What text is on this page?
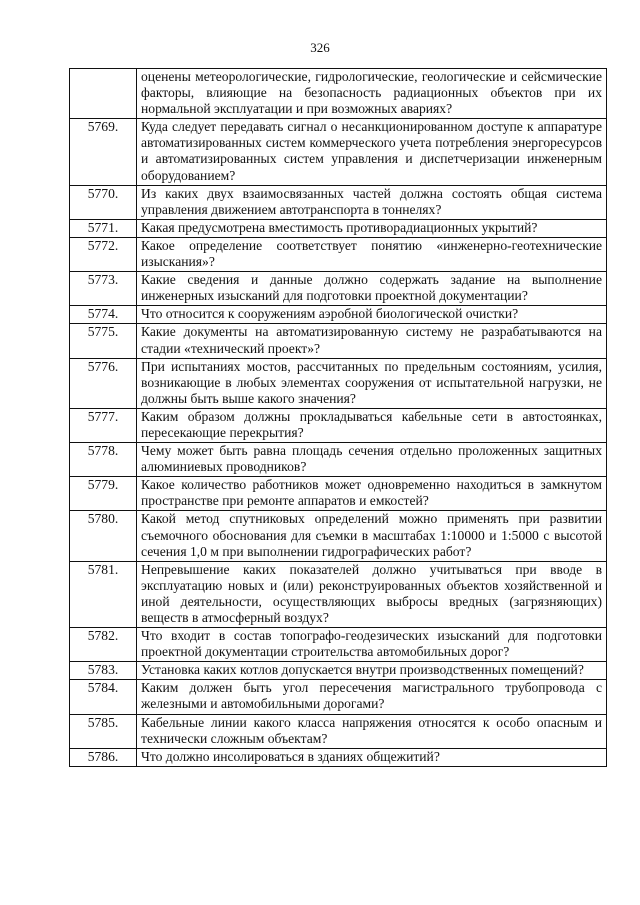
326
	оценены метеорологические, гидрологические, геологические и сейсмические факторы, влияющие на безопасность радиационных объектов при их нормальной эксплуатации и при возможных авариях?
5769.	Куда следует передавать сигнал о несанкционированном доступе к аппаратуре автоматизированных систем коммерческого учета потребления энергоресурсов и автоматизированных систем управления и диспетчеризации инженерным оборудованием?
5770.	Из каких двух взаимосвязанных частей должна состоять общая система управления движением автотранспорта в тоннелях?
5771.	Какая предусмотрена вместимость противорадиационных укрытий?
5772.	Какое определение соответствует понятию «инженерно-геотехнические изыскания»?
5773.	Какие сведения и данные должно содержать задание на выполнение инженерных изысканий для подготовки проектной документации?
5774.	Что относится к сооружениям аэробной биологической очистки?
5775.	Какие документы на автоматизированную систему не разрабатываются на стадии «технический проект»?
5776.	При испытаниях мостов, рассчитанных по предельным состояниям, усилия, возникающие в любых элементах сооружения от испытательной нагрузки, не должны быть выше какого значения?
5777.	Каким образом должны прокладываться кабельные сети в автостоянках, пересекающие перекрытия?
5778.	Чему может быть равна площадь сечения отдельно проложенных защитных алюминиевых проводников?
5779.	Какое количество работников может одновременно находиться в замкнутом пространстве при ремонте аппаратов и емкостей?
5780.	Какой метод спутниковых определений можно применять при развитии съемочного обоснования для съемки в масштабах 1:10000 и 1:5000 с высотой сечения 1,0 м при выполнении гидрографических работ?
5781.	Непревышение каких показателей должно учитываться при вводе в эксплуатацию новых и (или) реконструированных объектов хозяйственной и иной деятельности, осуществляющих выбросы вредных (загрязняющих) веществ в атмосферный воздух?
5782.	Что входит в состав топографо-геодезических изысканий для подготовки проектной документации строительства автомобильных дорог?
5783.	Установка каких котлов допускается внутри производственных помещений?
5784.	Каким должен быть угол пересечения магистрального трубопровода с железными и автомобильными дорогами?
5785.	Кабельные линии какого класса напряжения относятся к особо опасным и технически сложным объектам?
5786.	Что должно инсолироваться в зданиях общежитий?
